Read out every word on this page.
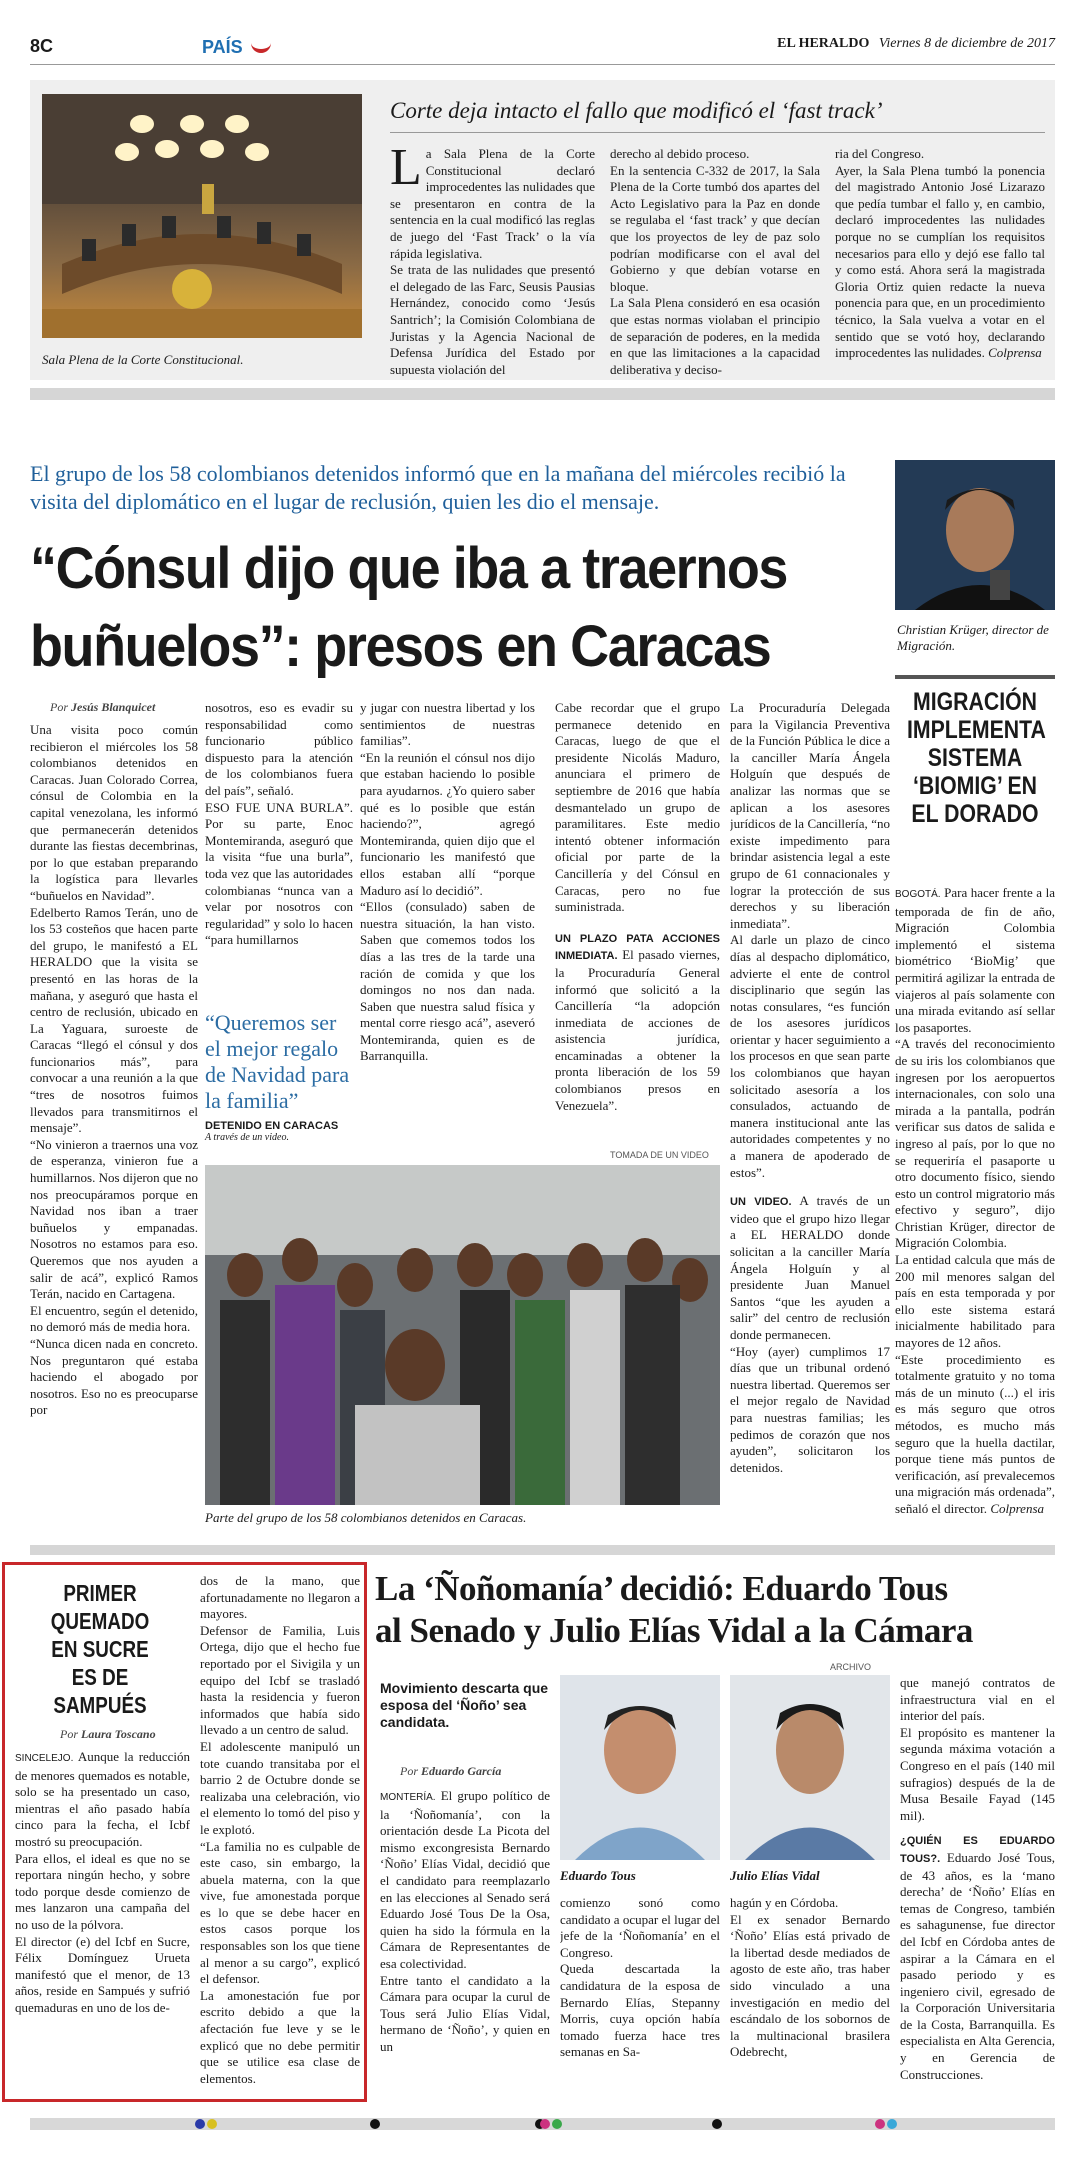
8C	PAÍS	EL HERALDO Viernes 8 de diciembre de 2017
Sala Plena de la Corte Constitucional.
Corte deja intacto el fallo que modificó el ‘fast track’
L a Sala Plena de la Corte Constitucional declaró improcedentes las nulidades que se presentaron en contra de la sentencia en la cual modificó las reglas de juego del ‘Fast Track’ o la vía rápida legislativa.
Se trata de las nulidades que presentó el delegado de las Farc, Seusis Pausias Hernández, conocido como ‘Jesús Santrich’; la Comisión Colombiana de Juristas y la Agencia Nacional de Defensa Jurídica del Estado por supuesta violación del
derecho al debido proceso.
En la sentencia C-332 de 2017, la Sala Plena de la Corte tumbó dos apartes del Acto Legislativo para la Paz en donde se regulaba el ‘fast track’ y que decían que los proyectos de ley de paz solo podrían modificarse con el aval del Gobierno y que debían votarse en bloque.
La Sala Plena consideró en esa ocasión que estas normas violaban el principio de separación de poderes, en la medida en que las limitaciones a la capacidad deliberativa y deciso-
ria del Congreso.
Ayer, la Sala Plena tumbó la ponencia del magistrado Antonio José Lizarazo que pedía tumbar el fallo y, en cambio, declaró improcedentes las nulidades porque no se cumplían los requisitos necesarios para ello y dejó ese fallo tal y como está. Ahora será la magistrada Gloria Ortiz quien redacte la nueva ponencia para que, en un procedimiento técnico, la Sala vuelva a votar en el sentido que se votó hoy, declarando improcedentes las nulidades. Colprensa
El grupo de los 58 colombianos detenidos informó que en la mañana del miércoles recibió la visita del diplomático en el lugar de reclusión, quien les dio el mensaje.
“Cónsul dijo que iba a traernos
buñuelos”: presos en Caracas	Christian Krüger, director de Migración.
Por Jesús Blanquicet
Una visita poco común recibieron el miércoles los 58 colombianos detenidos en Caracas. Juan Colorado Correa, cónsul de Colombia en la capital venezolana, les informó que permanecerán detenidos durante las fiestas decembrinas, por lo que estaban preparando la logística para llevarles “buñuelos en Navidad”.
Edelberto Ramos Terán, uno de los 53 costeños que hacen parte del grupo, le manifestó a EL HERALDO que la visita se presentó en las horas de la mañana, y aseguró que hasta el centro de reclusión, ubicado en La Yaguara, suroeste de Caracas “llegó el cónsul y dos funcionarios más”, para convocar a una reunión a la que “tres de nosotros fuimos llevados para transmitirnos el mensaje”.
“No vinieron a traernos una voz de esperanza, vinieron fue a humillarnos. Nos dijeron que no nos preocupáramos porque en Navidad nos iban a traer buñuelos y empanadas. Nosotros no estamos para eso. Queremos que nos ayuden a salir de acá”, explicó Ramos Terán, nacido en Cartagena.
El encuentro, según el detenido, no demoró más de media hora.
“Nunca dicen nada en concreto. Nos preguntaron qué estaba haciendo el abogado por nosotros. Eso no es preocuparse por
nosotros, eso es evadir su responsabilidad como funcionario público dispuesto para la atención de los colombianos fuera del país”, señaló.
ESO FUE UNA BURLA”. Por su parte, Enoc Montemiranda, aseguró que la visita “fue una burla”, toda vez que las autoridades colombianas “nunca van a velar por nosotros con regularidad” y solo lo hacen “para humillarnos
“Queremos ser el mejor regalo de Navidad para la familia”
DETENIDO EN CARACAS
A través de un video.
y jugar con nuestra libertad y los sentimientos de nuestras familias”.
“En la reunión el cónsul nos dijo que estaban haciendo lo posible para ayudarnos. ¿Yo quiero saber qué es lo posible que están haciendo?”, agregó Montemiranda, quien dijo que el funcionario les manifestó que ellos estaban allí “porque Maduro así lo decidió”.
“Ellos (consulado) saben de nuestra situación, la han visto. Saben que comemos todos los días a las tres de la tarde una ración de comida y que los domingos no nos dan nada. Saben que nuestra salud física y mental corre riesgo acá”, aseveró Montemiranda, quien es de Barranquilla.
Cabe recordar que el grupo permanece detenido en Caracas, luego de que el presidente Nicolás Maduro, anunciara el primero de septiembre de 2016 que había desmantelado un grupo de paramilitares. Este medio intentó obtener información oficial por parte de la Cancillería y del Cónsul en Caracas, pero no fue suministrada.

UN PLAZO PATA ACCIONES INMEDIATA. El pasado viernes, la Procuraduría General informó que solicitó a la Cancillería “la adopción inmediata de acciones de asistencia jurídica, encaminadas a obtener la pronta liberación de los 59 colombianos presos en Venezuela”.

La Procuraduría Delegada para la Vigilancia Preventiva de la Función Pública le dice a la canciller María Ángela Holguín que después de analizar las normas que se aplican a los asesores jurídicos de la Cancillería, “no existe impedimento para brindar asistencia legal a este grupo de 61 connacionales y lograr la protección de sus derechos y su liberación inmediata”.
Al darle un plazo de cinco días al despacho diplomático, advierte el ente de control disciplinario que según las notas consulares, “es función de los asesores jurídicos orientar y hacer seguimiento a los procesos en que sean parte los colombianos que hayan solicitado asesoría a los consulados, actuando de manera institucional ante las autoridades competentes y no a manera de apoderado de estos”.

UN VIDEO. A través de un video que el grupo hizo llegar a EL HERALDO donde solicitan a la canciller María Ángela Holguín y al presidente Juan Manuel Santos “que les ayuden a salir” del centro de reclusión donde permanecen.
“Hoy (ayer) cumplimos 17 días que un tribunal ordenó nuestra libertad. Queremos ser el mejor regalo de Navidad para nuestras familias; les pedimos de corazón que nos ayuden”, solicitaron los detenidos.

TOMADA DE UN VIDEO
Parte del grupo de los 58 colombianos detenidos en Caracas.
MIGRACIÓN IMPLEMENTA SISTEMA ‘BIOMIG’ EN EL DORADO
BOGOTÁ. Para hacer frente a la temporada de fin de año, Migración Colombia implementó el sistema biométrico ‘BioMig’ que permitirá agilizar la entrada de viajeros al país solamente con una mirada evitando así sellar los pasaportes.
“A través del reconocimiento de su iris los colombianos que ingresen por los aeropuertos internacionales, con solo una mirada a la pantalla, podrán verificar sus datos de salida e ingreso al país, por lo que no se requeriría el pasaporte u otro documento físico, siendo esto un control migratorio más efectivo y seguro”, dijo Christian Krüger, director de Migración Colombia.
La entidad calcula que más de 200 mil menores salgan del país en esta temporada y por ello este sistema estará inicialmente habilitado para mayores de 12 años.
“Este procedimiento es totalmente gratuito y no toma más de un minuto (...) el iris es más seguro que otros métodos, es mucho más seguro que la huella dactilar, porque tiene más puntos de verificación, así prevalecemos una migración más ordenada”, señaló el director. Colprensa
PRIMER QUEMADO EN SUCRE ES DE SAMPUÉS
Por Laura Toscano
SINCELEJO. Aunque la reducción de menores quemados es notable, solo se ha presentado un caso, mientras el año pasado había cinco para la fecha, el Icbf mostró su preocupación.
Para ellos, el ideal es que no se reportara ningún hecho, y sobre todo porque desde comienzo de mes lanzaron una campaña del no uso de la pólvora.
El director (e) del Icbf en Sucre, Félix Domínguez Urueta manifestó que el menor, de 13 años, reside en Sampués y sufrió quemaduras en uno de los de-
dos de la mano, que afortunadamente no llegaron a mayores.
Defensor de Familia, Luis Ortega, dijo que el hecho fue reportado por el Sivigila y un equipo del Icbf se trasladó hasta la residencia y fueron informados que había sido llevado a un centro de salud.
El adolescente manipuló un tote cuando transitaba por el barrio 2 de Octubre donde se realizaba una celebración, vio el elemento lo tomó del piso y le explotó.
“La familia no es culpable de este caso, sin embargo, la abuela materna, con la que vive, fue amonestada porque es lo que se debe hacer en estos casos porque los responsables son los que tiene al menor a su cargo”, explicó el defensor.
La amonestación fue por escrito debido a que la afectación fue leve y se le explicó que no debe permitir que se utilice esa clase de elementos.
La ‘Ñoñomanía’ decidió: Eduardo Tous
al Senado y Julio Elías Vidal a la Cámara
Movimiento descarta que esposa del ‘Ñoño’ sea candidata.
Por Eduardo García
MONTERÍA. El grupo político de la ‘Ñoñomanía’, con la orientación desde La Picota del mismo excongresista Bernardo ‘Ñoño’ Elías Vidal, decidió que el candidato para reemplazarlo en las elecciones al Senado será Eduardo José Tous De la Osa, quien ha sido la fórmula en la Cámara de Representantes de esa colectividad.
Entre tanto el candidato a la Cámara para ocupar la curul de Tous será Julio Elías Vidal, hermano de ‘Ñoño’, y quien en un
ARCHIVO
Eduardo Tous	Julio Elías Vidal
comienzo sonó como candidato a ocupar el lugar del jefe de la ‘Ñoñomanía’ en el Congreso.
Queda descartada la candidatura de la esposa de Bernardo Elías, Stepanny Morris, cuya opción había tomado fuerza hace tres semanas en Sa-
hagún y en Córdoba.
El ex senador Bernardo ‘Ñoño’ Elías está privado de la libertad desde mediados de agosto de este año, tras haber sido vinculado a una investigación en medio del escándalo de los sobornos de la multinacional brasilera Odebrecht,
que manejó contratos de infraestructura vial en el interior del país.
El propósito es mantener la segunda máxima votación a Congreso en el país (140 mil sufragios) después de la de Musa Besaile Fayad (145 mil).

¿QUIÉN ES EDUARDO TOUS?. Eduardo José Tous, de 43 años, es la ‘mano derecha’ de ‘Ñoño’ Elías en temas de Congreso, también es sahagunense, fue director del Icbf en Córdoba antes de aspirar a la Cámara en el pasado periodo y es ingeniero civil, egresado de la Corporación Universitaria de la Costa, Barranquilla. Es especialista en Alta Gerencia, y en Gerencia de Construcciones.
